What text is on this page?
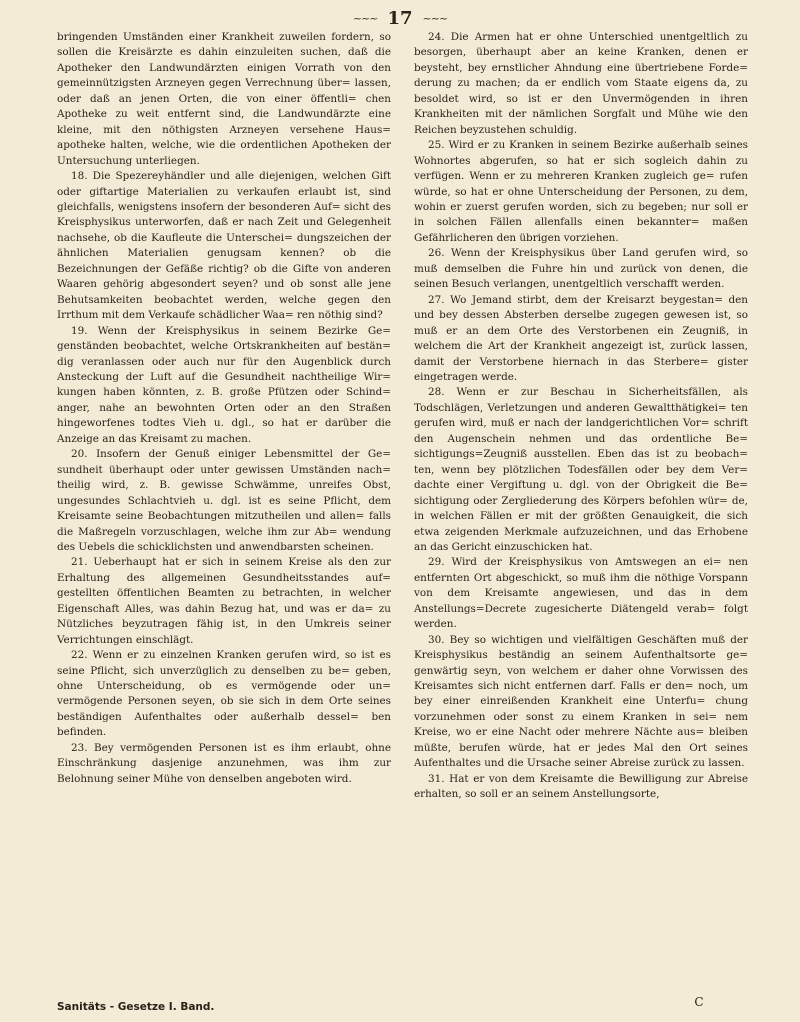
~~~ 17 ~~~

bringenden Umständen einer Krankheit zuweilen fordern, so sollen die Kreisärzte es dahin einzuleiten suchen, daß die Apotheker den Landwundärzten einigen Vorrath von den gemeinnützigsten Arzneyen gegen Verrechnung über= lassen, oder daß an jenen Orten, die von einer öffentli= chen Apotheke zu weit entfernt sind, die Landwundärzte eine kleine, mit den nöthigsten Arzneyen versehene Haus= apotheke halten, welche, wie die ordentlichen Apotheken der Untersuchung unterliegen.

18. Die Spezereyhändler und alle diejenigen, welchen Gift oder giftartige Materialien zu verkaufen erlaubt ist, sind gleichfalls, wenigstens insofern der besonderen Auf= sicht des Kreisphysikus unterworfen, daß er nach Zeit und Gelegenheit nachsehe, ob die Kaufleute die Unterschei= dungszeichen der ähnlichen Materialien genugsam kennen? ob die Bezeichnungen der Gefäße richtig? ob die Gifte von anderen Waaren gehörig abgesondert seyen? und ob sonst alle jene Behutsamkeiten beobachtet werden, welche gegen den Irrthum mit dem Verkaufe schädlicher Waa= ren nöthig sind?

19. Wenn der Kreisphysikus in seinem Bezirke Ge= genständen beobachtet, welche Ortskrankheiten auf bestän= dig veranlassen oder auch nur für den Augenblick durch Ansteckung der Luft auf die Gesundheit nachtheilige Wir= kungen haben könnten, z. B. große Pfützen oder Schind= anger, nahe an bewohnten Orten oder an den Straßen hingeworfenes todtes Vieh u. dgl., so hat er darüber die Anzeige an das Kreisamt zu machen.

20. Insofern der Genuß einiger Lebensmittel der Ge= sundheit überhaupt oder unter gewissen Umständen nach= theilig wird, z. B. gewisse Schwämme, unreifes Obst, ungesundes Schlachtvieh u. dgl. ist es seine Pflicht, dem Kreisamte seine Beobachtungen mitzutheilen und allen= falls die Maßregeln vorzuschlagen, welche ihm zur Ab= wendung des Uebels die schicklichsten und anwendbarsten scheinen.

21. Ueberhaupt hat er sich in seinem Kreise als den zur Erhaltung des allgemeinen Gesundheitsstandes auf= gestellten öffentlichen Beamten zu betrachten, in welcher Eigenschaft Alles, was dahin Bezug hat, und was er da= zu Nützliches beyzutragen fähig ist, in den Umkreis seiner Verrichtungen einschlägt.

22. Wenn er zu einzelnen Kranken gerufen wird, so ist es seine Pflicht, sich unverzüglich zu denselben zu be= geben, ohne Unterscheidung, ob es vermögende oder un= vermögende Personen seyen, ob sie sich in dem Orte seines beständigen Aufenthaltes oder außerhalb dessel= ben befinden.

23. Bey vermögenden Personen ist es ihm erlaubt, ohne Einschränkung dasjenige anzunehmen, was ihm zur Belohnung seiner Mühe von denselben angeboten wird.

24. Die Armen hat er ohne Unterschied unentgeltlich zu besorgen, überhaupt aber an keine Kranken, denen er beysteht, bey ernstlicher Ahndung eine übertriebene Forde= derung zu machen; da er endlich vom Staate eigens da, zu besoldet wird, so ist er den Unvermögenden in ihren Krankheiten mit der nämlichen Sorgfalt und Mühe wie den Reichen beyzustehen schuldig.

25. Wird er zu Kranken in seinem Bezirke außerhalb seines Wohnortes abgerufen, so hat er sich sogleich dahin zu verfügen. Wenn er zu mehreren Kranken zugleich ge= rufen würde, so hat er ohne Unterscheidung der Personen, zu dem, wohin er zuerst gerufen worden, sich zu begeben; nur soll er in solchen Fällen allenfalls einen bekannter= maßen Gefährlicheren den übrigen vorziehen.

26. Wenn der Kreisphysikus über Land gerufen wird, so muß demselben die Fuhre hin und zurück von denen, die seinen Besuch verlangen, unentgeltlich verschafft werden.

27. Wo Jemand stirbt, dem der Kreisarzt beygestan= den und bey dessen Absterben derselbe zugegen gewesen ist, so muß er an dem Orte des Verstorbenen ein Zeugniß, in welchem die Art der Krankheit angezeigt ist, zurück lassen, damit der Verstorbene hiernach in das Sterbere= gister eingetragen werde.

28. Wenn er zur Beschau in Sicherheitsfällen, als Todschlägen, Verletzungen und anderen Gewaltthätigkei= ten gerufen wird, muß er nach der landgerichtlichen Vor= schrift den Augenschein nehmen und das ordentliche Be= sichtigungs=Zeugniß ausstellen. Eben das ist zu beobach= ten, wenn bey plötzlichen Todesfällen oder bey dem Ver= dachte einer Vergiftung u. dgl. von der Obrigkeit die Be= sichtigung oder Zergliederung des Körpers befohlen wür= de, in welchen Fällen er mit der größten Genauigkeit, die sich etwa zeigenden Merkmale aufzuzeichnen, und das Erhobene an das Gericht einzuschicken hat.

29. Wird der Kreisphysikus von Amtswegen an ei= nen entfernten Ort abgeschickt, so muß ihm die nöthige Vorspann von dem Kreisamte angewiesen, und das in dem Anstellungs=Decrete zugesicherte Diätengeld verab= folgt werden.

30. Bey so wichtigen und vielfältigen Geschäften muß der Kreisphysikus beständig an seinem Aufenthaltsorte ge= genwärtig seyn, von welchem er daher ohne Vorwissen des Kreisamtes sich nicht entfernen darf. Falls er den= noch, um bey einer einreißenden Krankheit eine Unterfu= chung vorzunehmen oder sonst zu einem Kranken in sei= nem Kreise, wo er eine Nacht oder mehrere Nächte aus= bleiben müßte, berufen würde, hat er jedes Mal den Ort seines Aufenthaltes und die Ursache seiner Abreise zurück zu lassen.

31. Hat er von dem Kreisamte die Bewilligung zur Abreise erhalten, so soll er an seinem Anstellungsorte,

Sanitäts - Gesetze I. Band.	C
